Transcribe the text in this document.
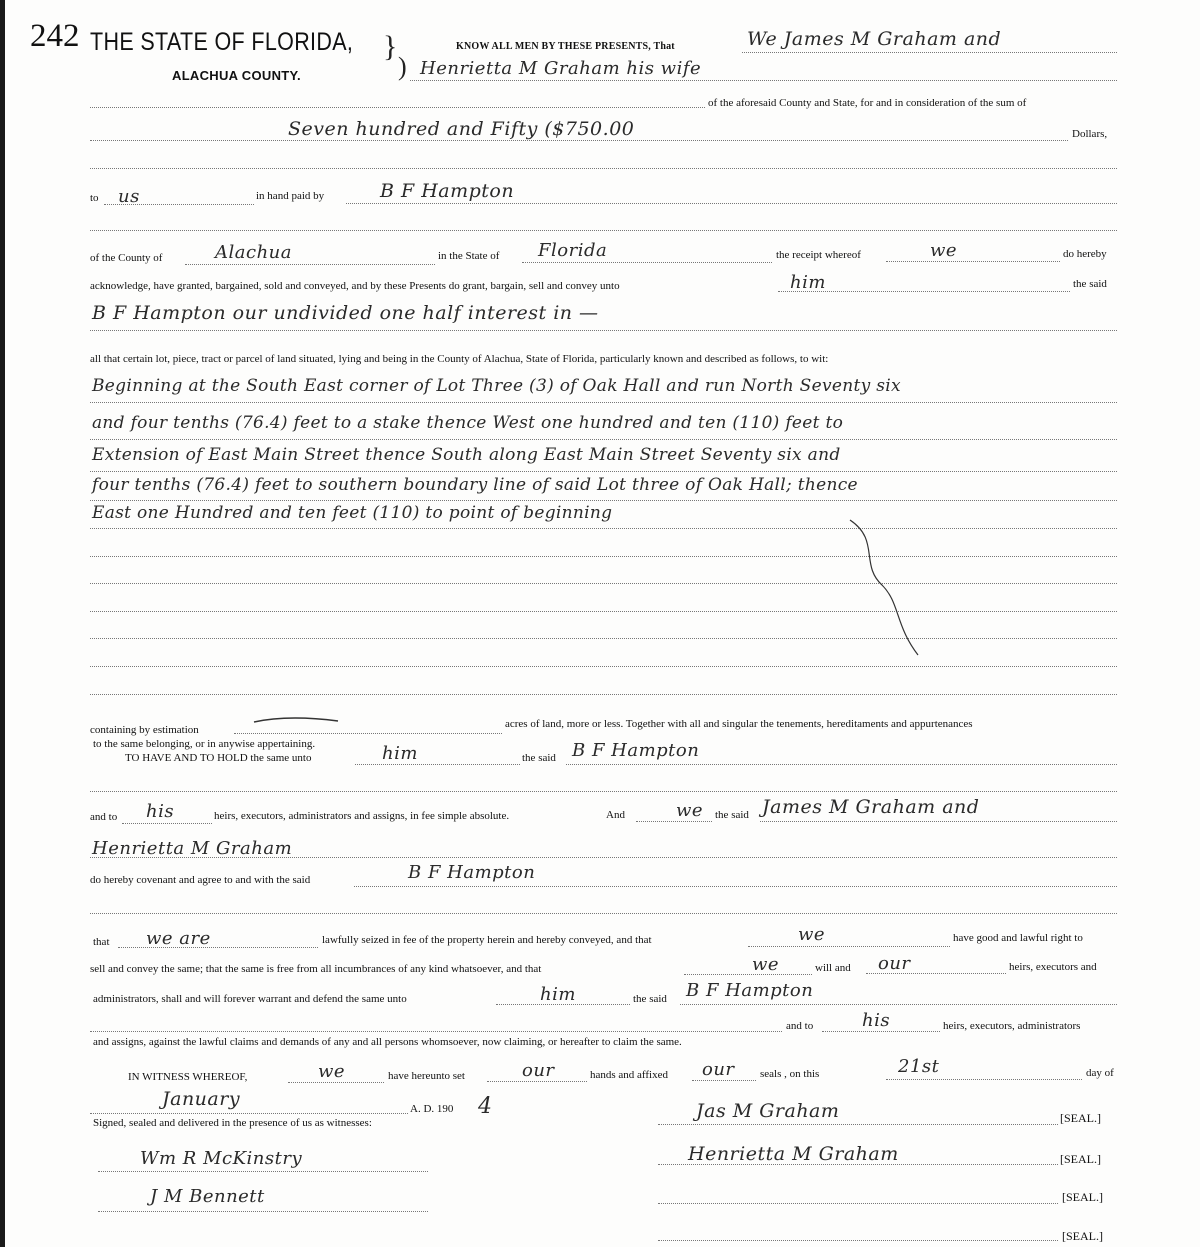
242 THE STATE OF FLORIDA, }
)
ALACHUA COUNTY.
KNOW ALL MEN BY THESE PRESENTS, That	We James M Graham and
Henrietta M Graham his wife
of the aforesaid County and State, for and in consideration of the sum of
Seven hundred and Fifty ($750.00	Dollars,
to us	in hand paid by	B F Hampton
of the County of	Alachua	in the State of Florida	the receipt whereof	we	do hereby
acknowledge, have granted, bargained, sold and conveyed, and by these Presents do grant, bargain, sell and convey unto	him	the said
B F Hampton our undivided one half interest in —
all that certain lot, piece, tract or parcel of land situated, lying and being in the County of Alachua, State of Florida, particularly known and described as follows, to wit:
Beginning at the South East corner of Lot Three (3) of Oak Hall and run North Seventy six
and four tenths (76.4) feet to a stake thence West one hundred and ten (110) feet to
Extension of East Main Street thence South along East Main Street Seventy six and
four tenths (76.4) feet to southern boundary line of said Lot three of Oak Hall; thence
East one Hundred and ten feet (110) to point of beginning
containing by estimation	acres of land, more or less. Together with all and singular the tenements, hereditaments and appurtenances
to the same belonging, or in anywise appertaining.
TO HAVE AND TO HOLD the same unto	him	the said B F Hampton
and to his	heirs, executors, administrators and assigns, in fee simple absolute.	And	we the said James M Graham and
Henrietta M Graham
do hereby covenant and agree to and with the said	B F Hampton
that we are	lawfully seized in fee of the property herein and hereby conveyed, and that	we	have good and lawful right to
sell and convey the same; that the same is free from all incumbrances of any kind whatsoever, and that	we	will and our	heirs, executors and
administrators, shall and will forever warrant and defend the same unto	him	the said B F Hampton
and to	his	heirs, executors, administrators
and assigns, against the lawful claims and demands of any and all persons whomsoever, now claiming, or hereafter to claim the same.
IN WITNESS WHEREOF,	we	have hereunto set	our	hands and affixed our seals , on this	21st	day of
January	A. D. 190 4
Signed, sealed and delivered in the presence of us as witnesses:
Wm R McKinstry
J M Bennett
Jas M Graham	[SEAL.]
Henrietta M Graham	[SEAL.]
[SEAL.]
[SEAL.]
